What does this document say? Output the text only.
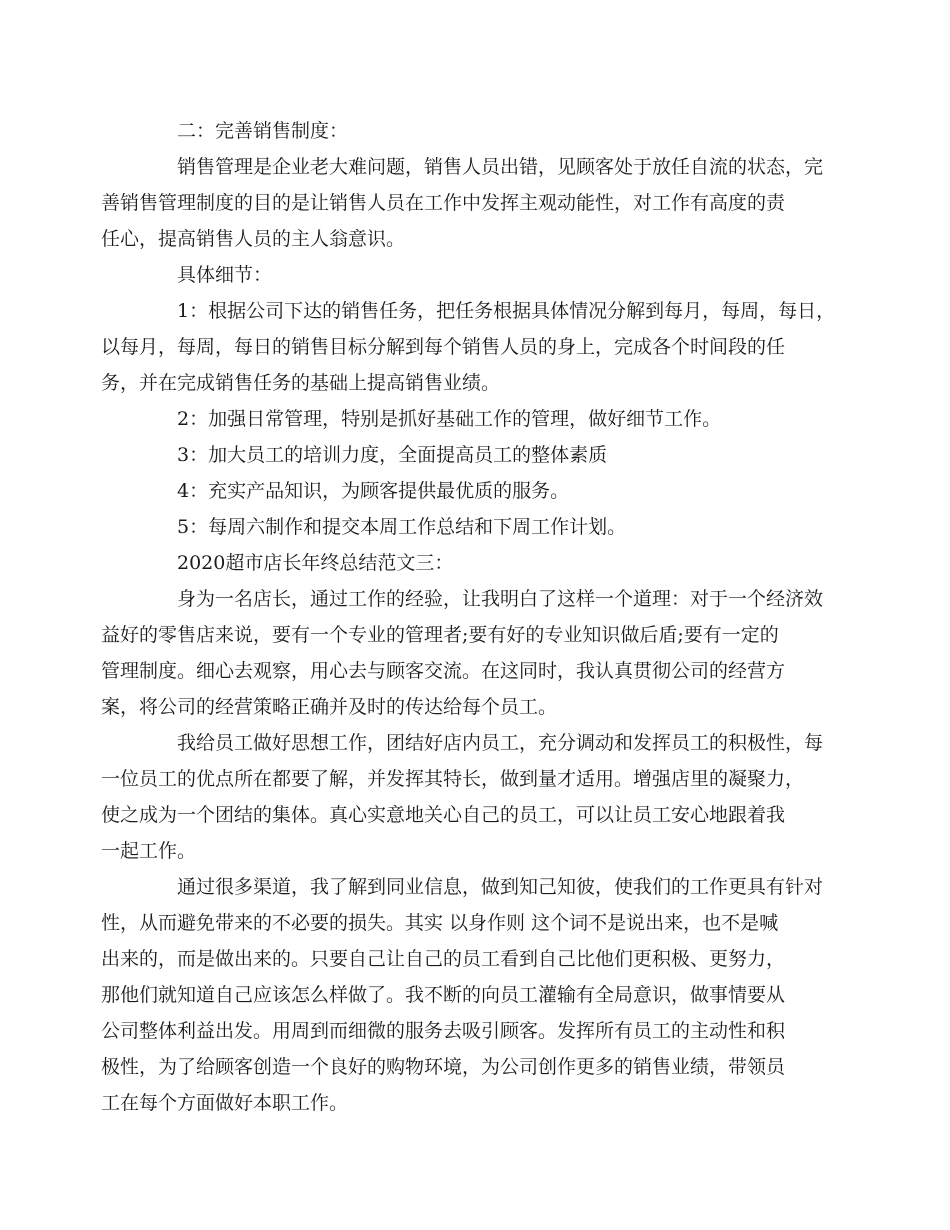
二：完善销售制度：

销售管理是企业老大难问题，销售人员出错，见顾客处于放任自流的状态，完
善销售管理制度的目的是让销售人员在工作中发挥主观动能性，对工作有高度的责
任心，提高销售人员的主人翁意识。

具体细节：

1：根据公司下达的销售任务，把任务根据具体情况分解到每月，每周，每日，
以每月，每周，每日的销售目标分解到每个销售人员的身上，完成各个时间段的任
务，并在完成销售任务的基础上提高销售业绩。

2：加强日常管理，特别是抓好基础工作的管理，做好细节工作。

3：加大员工的培训力度，全面提高员工的整体素质

4：充实产品知识，为顾客提供最优质的服务。

5：每周六制作和提交本周工作总结和下周工作计划。

2020超市店长年终总结范文三：

身为一名店长，通过工作的经验，让我明白了这样一个道理：对于一个经济效
益好的零售店来说，要有一个专业的管理者;要有好的专业知识做后盾;要有一定的
管理制度。细心去观察，用心去与顾客交流。在这同时，我认真贯彻公司的经营方
案，将公司的经营策略正确并及时的传达给每个员工。

我给员工做好思想工作，团结好店内员工，充分调动和发挥员工的积极性，每
一位员工的优点所在都要了解，并发挥其特长，做到量才适用。增强店里的凝聚力，
使之成为一个团结的集体。真心实意地关心自己的员工，可以让员工安心地跟着我
一起工作。

通过很多渠道，我了解到同业信息，做到知己知彼，使我们的工作更具有针对
性，从而避免带来的不必要的损失。其实 以身作则 这个词不是说出来，也不是喊
出来的，而是做出来的。只要自己让自己的员工看到自己比他们更积极、更努力，
那他们就知道自己应该怎么样做了。我不断的向员工灌输有全局意识，做事情要从
公司整体利益出发。用周到而细微的服务去吸引顾客。发挥所有员工的主动性和积
极性，为了给顾客创造一个良好的购物环境，为公司创作更多的销售业绩，带领员
工在每个方面做好本职工作。
